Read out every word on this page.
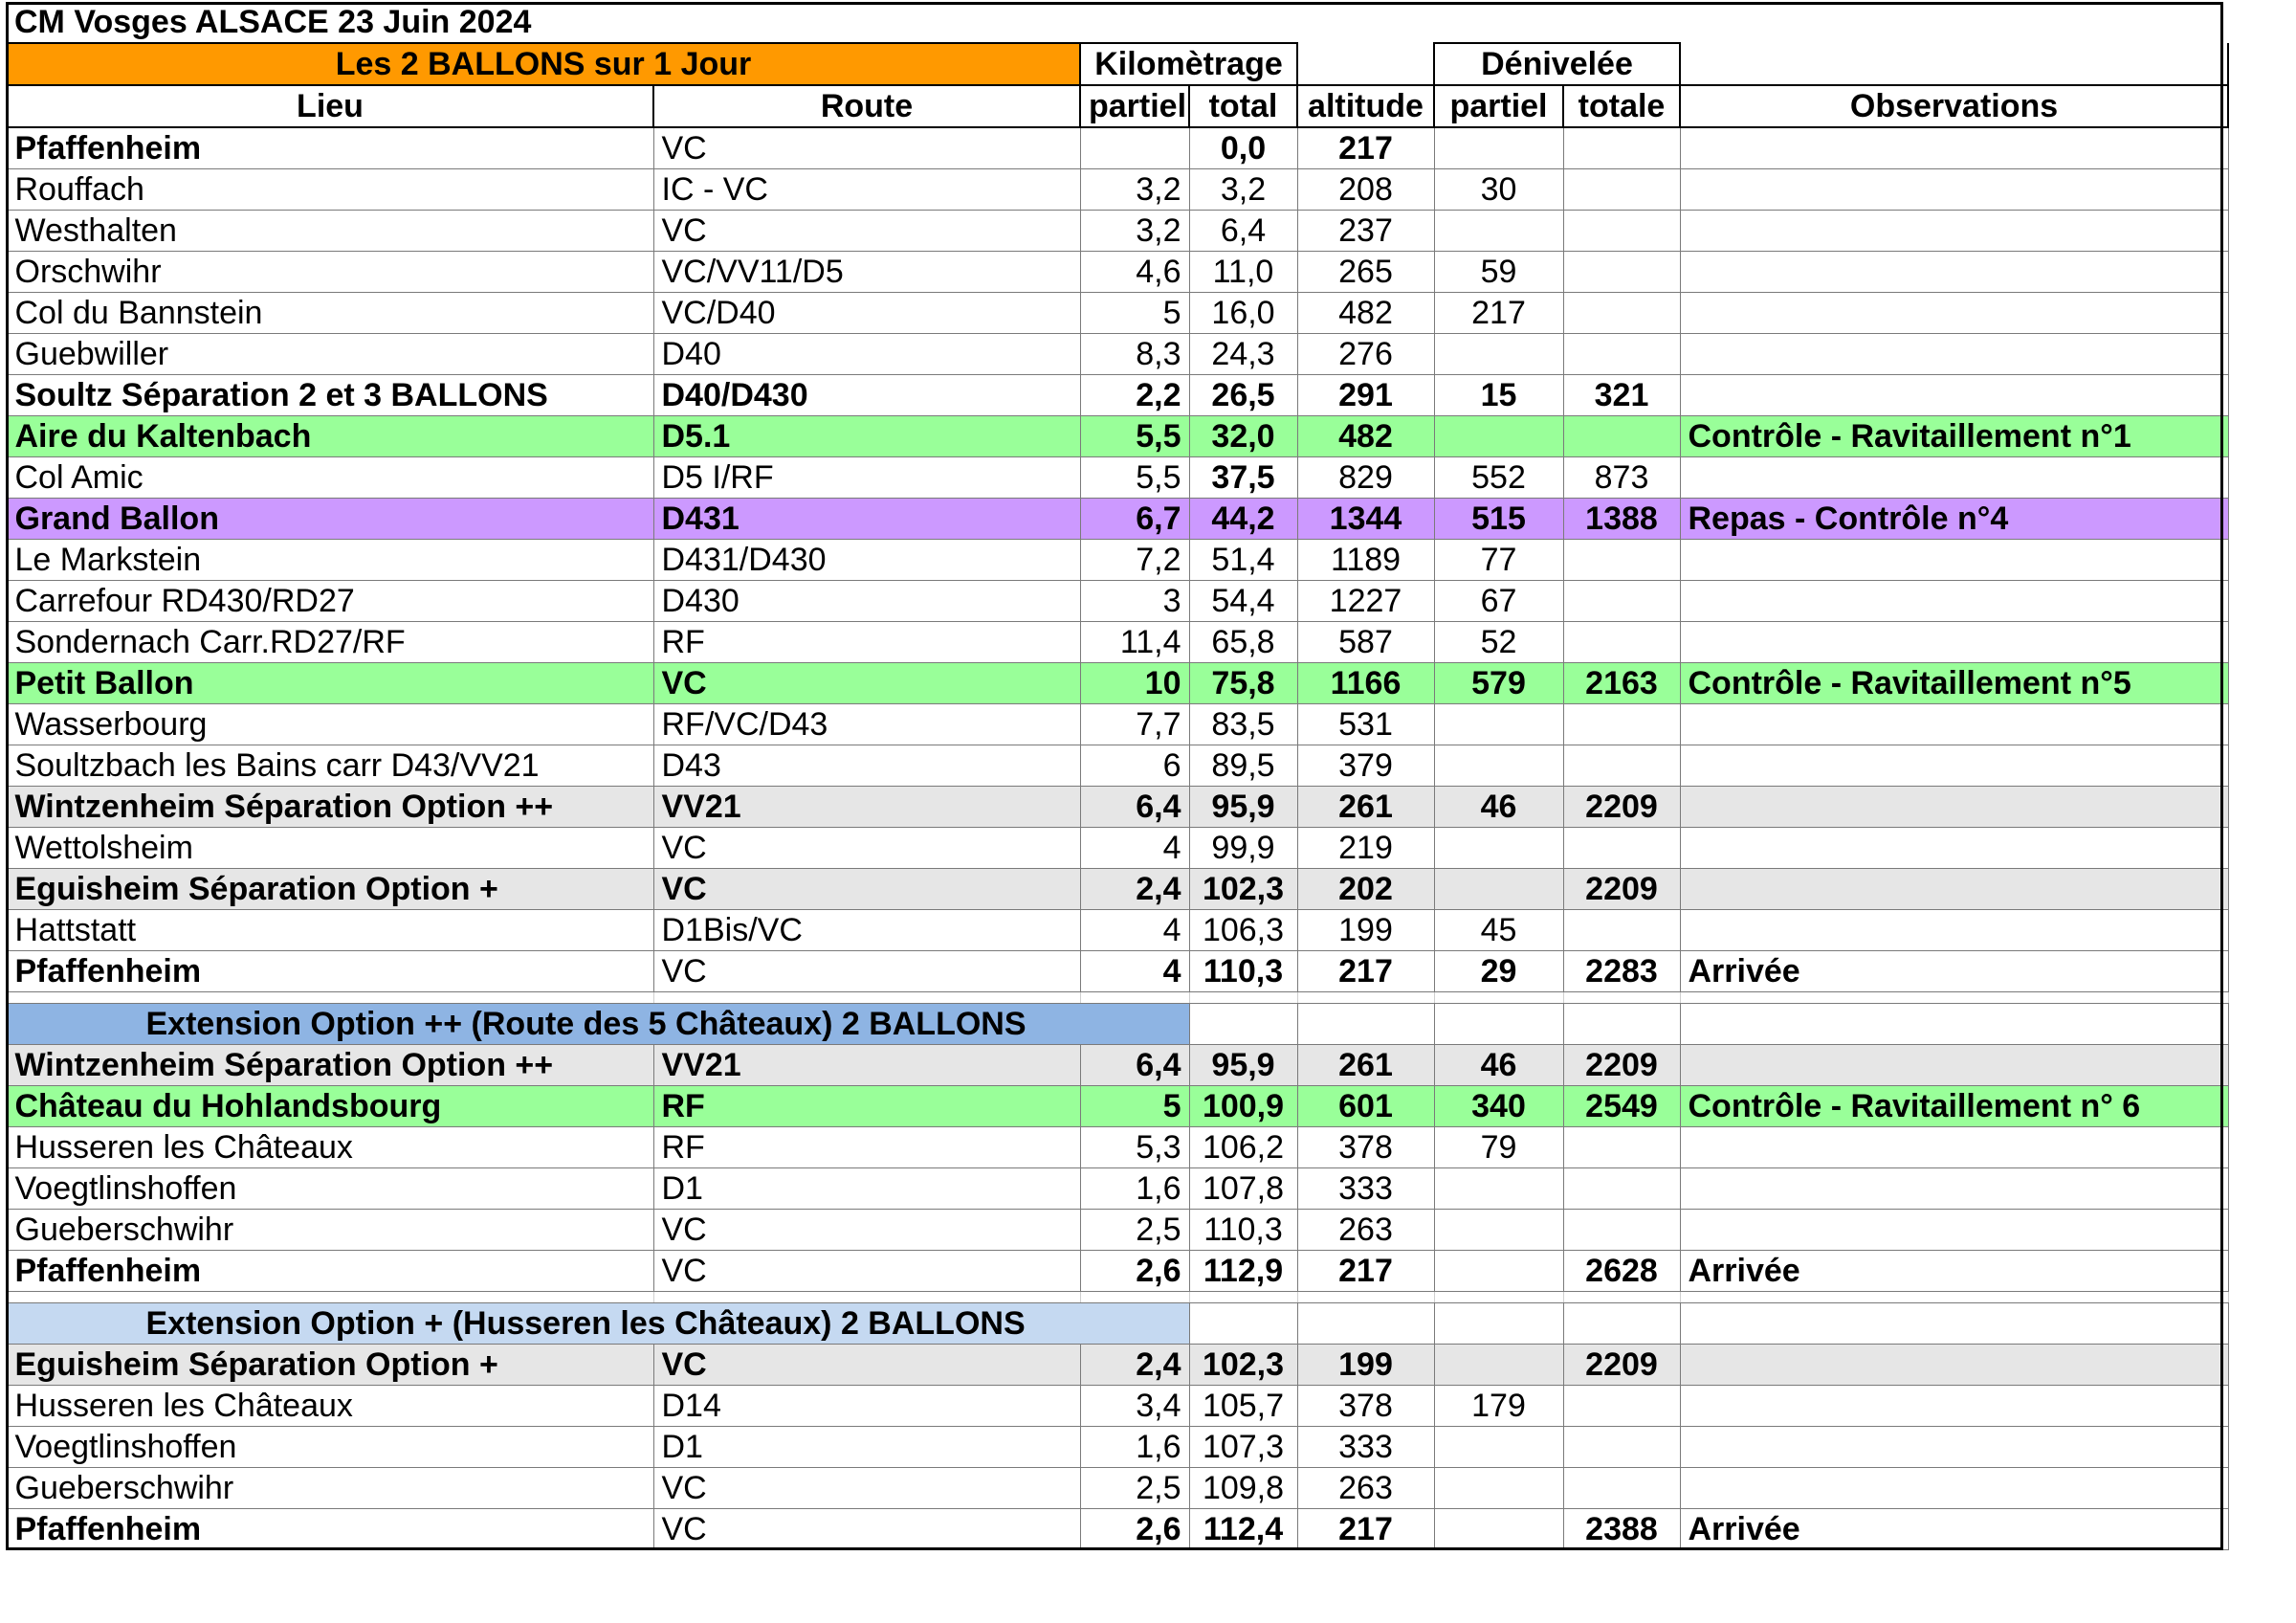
CM Vosges ALSACE 23 Juin 2024							
Les 2 BALLONS sur 1 Jour		Kilomètrage			Dénivelée		
Lieu	Route	partiel	total	altitude	partiel	totale	Observations
Pfaffenheim	VC		0,0	217			
Rouffach	IC - VC	3,2	3,2	208	30		
Westhalten	VC	3,2	6,4	237			
Orschwihr	VC/VV11/D5	4,6	11,0	265	59		
Col du Bannstein	VC/D40	5	16,0	482	217		
Guebwiller	D40	8,3	24,3	276			
Soultz Séparation 2 et 3 BALLONS	D40/D430	2,2	26,5	291	15	321	
Aire du Kaltenbach	D5.1	5,5	32,0	482			Contrôle - Ravitaillement n°1
Col Amic	D5 I/RF	5,5	37,5	829	552	873	
Grand Ballon	D431	6,7	44,2	1344	515	1388	Repas - Contrôle n°4
Le Markstein	D431/D430	7,2	51,4	1189	77		
Carrefour RD430/RD27	D430	3	54,4	1227	67		
Sondernach Carr.RD27/RF	RF	11,4	65,8	587	52		
Petit Ballon	VC	10	75,8	1166	579	2163	Contrôle - Ravitaillement n°5
Wasserbourg	RF/VC/D43	7,7	83,5	531			
Soultzbach les Bains carr D43/VV21	D43	6	89,5	379			
Wintzenheim Séparation Option ++	VV21	6,4	95,9	261	46	2209	
Wettolsheim	VC	4	99,9	219			
Eguisheim Séparation Option +	VC	2,4	102,3	202		2209	
Hattstatt	D1Bis/VC	4	106,3	199	45		
Pfaffenheim	VC	4	110,3	217	29	2283	Arrivée

Extension Option ++ (Route des 5 Châteaux) 2 BALLONS							
Wintzenheim Séparation Option ++	VV21	6,4	95,9	261	46	2209	
Château du Hohlandsbourg	RF	5	100,9	601	340	2549	Contrôle - Ravitaillement n° 6
Husseren les Châteaux	RF	5,3	106,2	378	79		
Voegtlinshoffen	D1	1,6	107,8	333			
Gueberschwihr	VC	2,5	110,3	263			
Pfaffenheim	VC	2,6	112,9	217		2628	Arrivée

Extension Option + (Husseren les Châteaux) 2 BALLONS							
Eguisheim Séparation Option +	VC	2,4	102,3	199		2209	
Husseren les Châteaux	D14	3,4	105,7	378	179		
Voegtlinshoffen	D1	1,6	107,3	333			
Gueberschwihr	VC	2,5	109,8	263			
Pfaffenheim	VC	2,6	112,4	217		2388	Arrivée
